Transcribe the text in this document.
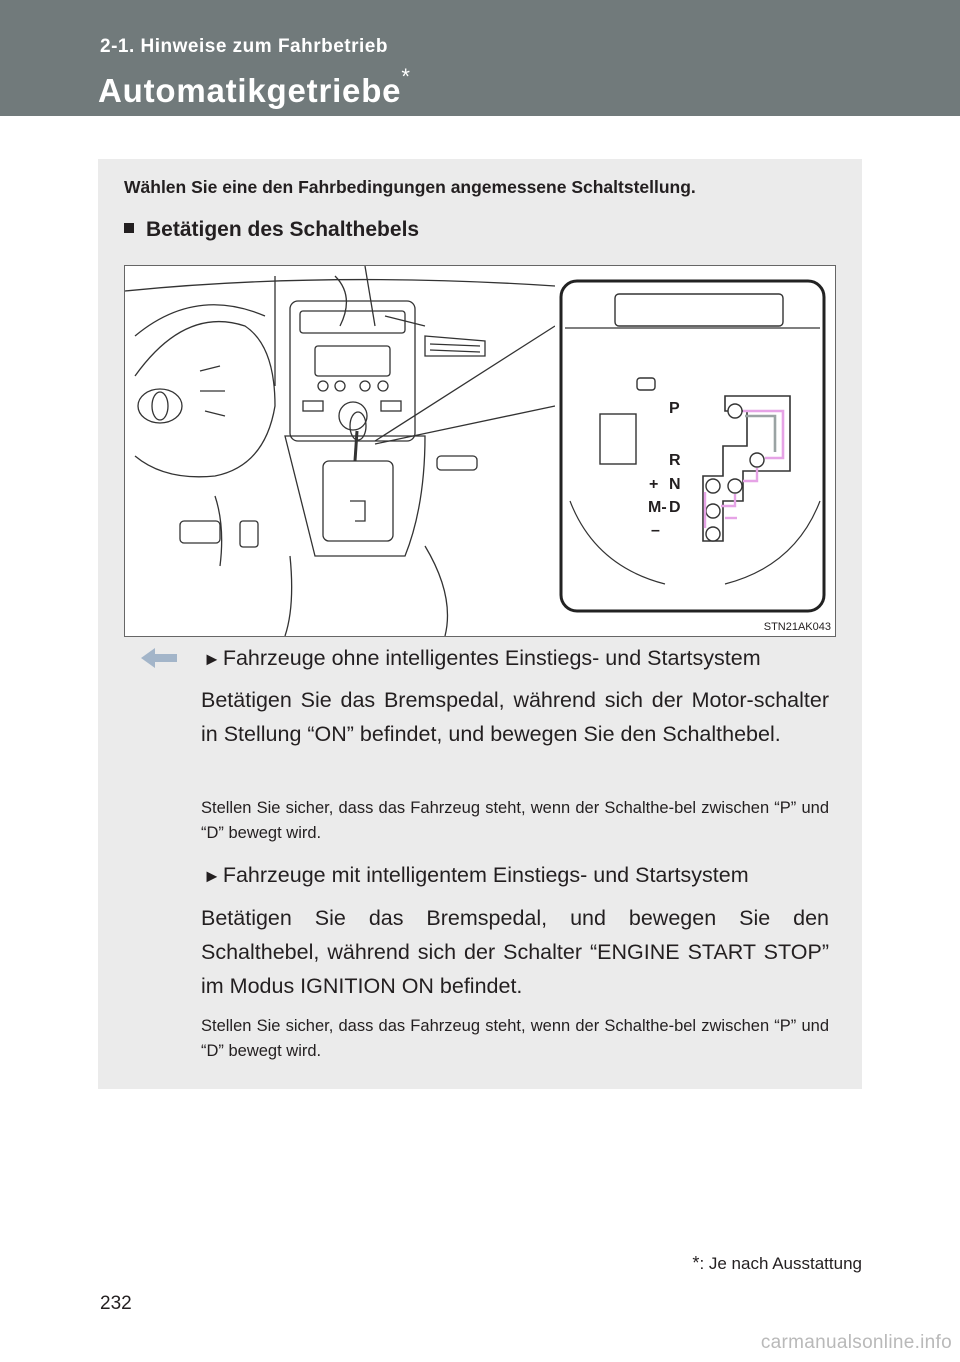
2-1. Hinweise zum Fahrbetrieb
Automatikgetriebe*
Wählen Sie eine den Fahrbedingungen angemessene Schaltstellung.
Betätigen des Schalthebels
P
R
N
D
+
M-
–
STN21AK043
►Fahrzeuge ohne intelligentes Einstiegs- und Startsystem
Betätigen Sie das Bremspedal, während sich der Motor-schalter in Stellung “ON” befindet, und bewegen Sie den Schalthebel.
Stellen Sie sicher, dass das Fahrzeug steht, wenn der Schalthe-bel zwischen “P” und “D” bewegt wird.
►Fahrzeuge mit intelligentem Einstiegs- und Startsystem
Betätigen Sie das Bremspedal, und bewegen Sie den Schalthebel, während sich der Schalter “ENGINE START STOP” im Modus IGNITION ON befindet.
Stellen Sie sicher, dass das Fahrzeug steht, wenn der Schalthe-bel zwischen “P” und “D” bewegt wird.
*: Je nach Ausstattung
232
carmanualsonline.info
